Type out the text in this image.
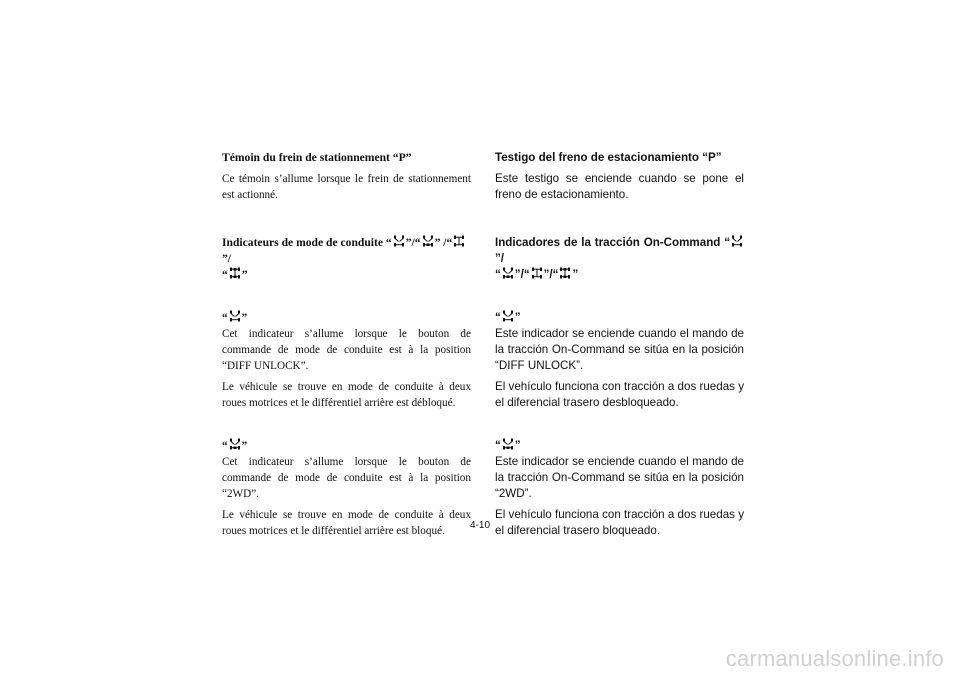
Témoin du frein de stationnement “P”

Ce témoin s’allume lorsque le frein de stationnement est actionné.

Indicateurs de mode de conduite “ ”/“ ” /“”/
“ ”
“ ”

Cet indicateur s’allume lorsque le bouton de commande de mode de conduite est à la position “DIFF UNLOCK”.

Le véhicule se trouve en mode de conduite à deux roues motrices et le différentiel arrière est débloqué.

“ ”

Cet indicateur s’allume lorsque le bouton de commande de mode de conduite est à la position “2WD”.

Le véhicule se trouve en mode de conduite à deux roues motrices et le différentiel arrière est bloqué.

Testigo del freno de estacionamiento “P”

Este testigo se enciende cuando se pone el freno de estacionamiento.

Indicadores de la tracción On-Command “”/
“ ”/“ ”/“ ”
“ ”

Este indicador se enciende cuando el mando de la tracción On-Command se sitúa en la posición “DIFF UNLOCK”.

El vehículo funciona con tracción a dos ruedas y el diferencial trasero desbloqueado.

“ ”

Este indicador se enciende cuando el mando de la tracción On-Command se sitúa en la posición “2WD”.

El vehículo funciona con tracción a dos ruedas y el diferencial trasero bloqueado.

4-10
carmanualsonline.info
